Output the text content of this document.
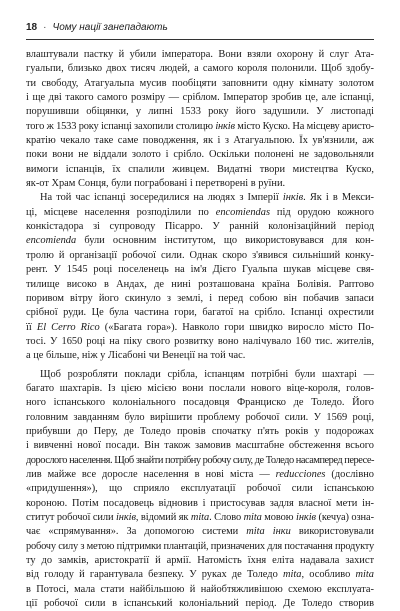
18 · Чому нації занепадають
влаштували пастку й убили імператора. Вони взяли охорону й слуг Ата-
гуальпи, близько двох тисяч людей, а самого короля полонили. Щоб здобу-
ти свободу, Атагуальпа мусив пообіцяти заповнити одну кімнату золотом
і ще дві такого самого розміру — сріблом. Імператор зробив це, але іспанці,
порушивши обіцянки, у липні 1533 року його задушили. У листопаді
того ж 1533 року іспанці захопили столицю інків місто Куско. На місцеву аристо-
кратію чекало таке саме поводження, як і з Атагуальпою. Їх ув'язнили, аж
поки вони не віддали золото і срібло. Оскільки полонені не задовольняли
вимоги іспанців, їх спалили живцем. Видатні твори мистецтва Куско,
як-от Храм Сонця, були пограбовані і перетворені в руїни.
На той час іспанці зосередилися на людях з Імперії інків. Як і в Мекси-
ці, місцеве населення розподілили по encomiendas під орудою кожного
конкістадора зі супроводу Пісарро. У ранній колонізаційний період
encomienda були основним інститутом, що використовувався для кон-
тролю й організації робочої сили. Однак скоро з'явився сильніший конку-
рент. У 1545 році поселенець на ім'я Дієго Гуальпа шукав місцеве свя-
тилище високо в Андах, де нині розташована країна Болівія. Раптово
поривом вітру його скинуло з землі, і перед собою він побачив запаси
срібної руди. Це була частина гори, багатої на срібло. Іспанці охрестили
її El Cerro Rico («Багата гора»). Навколо гори швидко виросло місто По-
тосі. У 1650 році на піку свого розвитку воно налічувало 160 тис. жителів,
а це більше, ніж у Лісабоні чи Венеції на той час.
Щоб розробляти поклади срібла, іспанцям потрібні були шахтарі —
багато шахтарів. Із цією місією вони послали нового віце-короля, голов-
ного іспанського колоніального посадовця Франциско де Толедо. Його
головним завданням було вирішити проблему робочої сили. У 1569 році,
прибувши до Перу, де Толедо провів спочатку п'ять років у подорожах
і вивченні нової посади. Він також замовив масштабне обстеження всього
дорослого населення. Щоб знайти потрібну робочу силу, де Толедо насамперед пересе-
лив майже все доросле населення в нові міста — reducciones (дослівно
«придушення»), що сприяло експлуатації робочої сили іспанською
короною. Потім посадовець відновив і пристосував задля власної мети ін-
ститут робочої сили інків, відомий як mita. Слово mita мовою інків (кечуа) озна-
чає «спрямування». За допомогою системи mita інки використовували
робочу силу з метою підтримки плантацій, призначених для постачання продукту
ту до замків, аристократії й армії. Натомість їхня еліта надавала захист
від голоду й гарантувала безпеку. У руках де Толедо mita, особливо mita
в Потосі, мала стати найбільшою й найобтяжливішою схемою експлуата-
ції робочої сили в іспанський колоніальний період. Де Толедо створив
